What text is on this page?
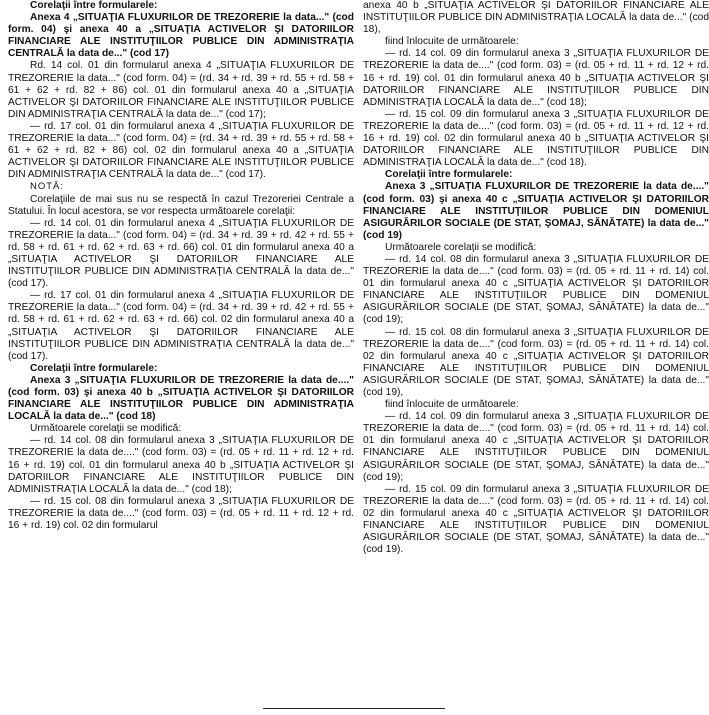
Corelaţii între formularele:

Anexa 4 „SITUAŢIA FLUXURILOR DE TREZORERIE la data..." (cod form. 04) şi anexa 40 a „SITUAŢIA ACTIVELOR ŞI DATORIILOR FINANCIARE ALE INSTITUŢIILOR PUBLICE DIN ADMINISTRAŢIA CENTRALĂ la data de..." (cod 17)

Rd. 14 col. 01 din formularul anexa 4 „SITUAŢIA FLUXURILOR DE TREZORERIE la data..." (cod form. 04) = (rd. 34 + rd. 39 + rd. 55 + rd. 58 + 61 + 62 + rd. 82 + 86) col. 01 din formularul anexa 40 a „SITUAŢIA ACTIVELOR ŞI DATORIILOR FINANCIARE ALE INSTITUŢIILOR PUBLICE DIN ADMINISTRAŢIA CENTRALĂ la data de..." (cod 17);

— rd. 17 col. 01 din formularul anexa 4 „SITUAŢIA FLUXURILOR DE TREZORERIE la data..." (cod form. 04) = (rd. 34 + rd. 39 + rd. 55 + rd. 58 + 61 + 62 + rd. 82 + 86) col. 02 din formularul anexa 40 a „SITUAŢIA ACTIVELOR ŞI DATORIILOR FINANCIARE ALE INSTITUŢIILOR PUBLICE DIN ADMINISTRAŢIA CENTRALĂ la data de..." (cod 17).

NOTĂ:

Corelaţiile de mai sus nu se respectă în cazul Trezoreriei Centrale a Statului. În locul acestora, se vor respecta următoarele corelaţii:

— rd. 14 col. 01 din formularul anexa 4 „SITUAŢIA FLUXURILOR DE TREZORERIE la data..." (cod form. 04) = (rd. 34 + rd. 39 + rd. 42 + rd. 55 + rd. 58 + rd. 61 + rd. 62 + rd. 63 + rd. 66) col. 01 din formularul anexa 40 a „SITUAŢIA ACTIVELOR ŞI DATORIILOR FINANCIARE ALE INSTITUŢIILOR PUBLICE DIN ADMINISTRAŢIA CENTRALĂ la data de..." (cod 17).

— rd. 17 col. 01 din formularul anexa 4 „SITUAŢIA FLUXURILOR DE TREZORERIE la data..." (cod form. 04) = (rd. 34 + rd. 39 + rd. 42 + rd. 55 + rd. 58 + rd. 61 + rd. 62 + rd. 63 + rd. 66) col. 02 din formularul anexa 40 a „SITUAŢIA ACTIVELOR ŞI DATORIILOR FINANCIARE ALE INSTITUŢIILOR PUBLICE DIN ADMINISTRAŢIA CENTRALĂ la data de..." (cod 17).

Corelaţii între formularele:

Anexa 3 „SITUAŢIA FLUXURILOR DE TREZORERIE la data de...." (cod form. 03) şi anexa 40 b „SITUAŢIA ACTIVELOR ŞI DATORIILOR FINANCIARE ALE INSTITUŢIILOR PUBLICE DIN ADMINISTRAŢIA LOCALĂ la data de..." (cod 18)

Următoarele corelaţii se modifică:

— rd. 14 col. 08 din formularul anexa 3 „SITUAŢIA FLUXURILOR DE TREZORERIE la data de...." (cod form. 03) = (rd. 05 + rd. 11 + rd. 12 + rd. 16 + rd. 19) col. 01 din formularul anexa 40 b „SITUAŢIA ACTIVELOR ŞI DATORIILOR FINANCIARE ALE INSTITUŢIILOR PUBLICE DIN ADMINISTRAŢIA LOCALĂ la data de..." (cod 18);

— rd. 15 col. 08 din formularul anexa 3 „SITUAŢIA FLUXURILOR DE TREZORERIE la data de...." (cod form. 03) = (rd. 05 + rd. 11 + rd. 12 + rd. 16 + rd. 19) col. 02 din formularul

anexa 40 b „SITUAŢIA ACTIVELOR ŞI DATORIILOR FINANCIARE ALE INSTITUŢIILOR PUBLICE DIN ADMINISTRAŢIA LOCALĂ la data de..." (cod 18),

fiind înlocuite de următoarele:

— rd. 14 col. 09 din formularul anexa 3 „SITUAŢIA FLUXURILOR DE TREZORERIE la data de...." (cod form. 03) = (rd. 05 + rd. 11 + rd. 12 + rd. 16 + rd. 19) col. 01 din formularul anexa 40 b „SITUAŢIA ACTIVELOR ŞI DATORIILOR FINANCIARE ALE INSTITUŢIILOR PUBLICE DIN ADMINISTRAŢIA LOCALĂ la data de..." (cod 18);

— rd. 15 col. 09 din formularul anexa 3 „SITUAŢIA FLUXURILOR DE TREZORERIE la data de...." (cod form. 03) = (rd. 05 + rd. 11 + rd. 12 + rd. 16 + rd. 19) col. 02 din formularul anexa 40 b „SITUAŢIA ACTIVELOR ŞI DATORIILOR FINANCIARE ALE INSTITUŢIILOR PUBLICE DIN ADMINISTRAŢIA LOCALĂ la data de..." (cod 18).

Corelaţii între formularele:

Anexa 3 „SITUAŢIA FLUXURILOR DE TREZORERIE la data de...." (cod form. 03) şi anexa 40 c „SITUAŢIA ACTIVELOR ŞI DATORIILOR FINANCIARE ALE INSTITUŢIILOR PUBLICE DIN DOMENIUL ASIGURĂRILOR SOCIALE (DE STAT, ŞOMAJ, SĂNĂTATE) la data de..." (cod 19)

Următoarele corelaţii se modifică:

— rd. 14 col. 08 din formularul anexa 3 „SITUAŢIA FLUXURILOR DE TREZORERIE la data de...." (cod form. 03) = (rd. 05 + rd. 11 + rd. 14) col. 01 din formularul anexa 40 c „SITUAŢIA ACTIVELOR ŞI DATORIILOR FINANCIARE ALE INSTITUŢIILOR PUBLICE DIN DOMENIUL ASIGURĂRILOR SOCIALE (DE STAT, ŞOMAJ, SĂNĂTATE) la data de..." (cod 19);

— rd. 15 col. 08 din formularul anexa 3 „SITUAŢIA FLUXURILOR DE TREZORERIE la data de...." (cod form. 03) = (rd. 05 + rd. 11 + rd. 14) col. 02 din formularul anexa 40 c „SITUAŢIA ACTIVELOR ŞI DATORIILOR FINANCIARE ALE INSTITUŢIILOR PUBLICE DIN DOMENIUL ASIGURĂRILOR SOCIALE (DE STAT, ŞOMAJ, SĂNĂTATE) la data de..." (cod 19),

fiind înlocuite de următoarele:

— rd. 14 col. 09 din formularul anexa 3 „SITUAŢIA FLUXURILOR DE TREZORERIE la data de...." (cod form. 03) = (rd. 05 + rd. 11 + rd. 14) col. 01 din formularul anexa 40 c „SITUAŢIA ACTIVELOR ŞI DATORIILOR FINANCIARE ALE INSTITUŢIILOR PUBLICE DIN DOMENIUL ASIGURĂRILOR SOCIALE (DE STAT, ŞOMAJ, SĂNĂTATE) la data de..." (cod 19);

— rd. 15 col. 09 din formularul anexa 3 „SITUAŢIA FLUXURILOR DE TREZORERIE la data de...." (cod form. 03) = (rd. 05 + rd. 11 + rd. 14) col. 02 din formularul anexa 40 c „SITUAŢIA ACTIVELOR ŞI DATORIILOR FINANCIARE ALE INSTITUŢIILOR PUBLICE DIN DOMENIUL ASIGURĂRILOR SOCIALE (DE STAT, ŞOMAJ, SĂNĂTATE) la data de..." (cod 19).
